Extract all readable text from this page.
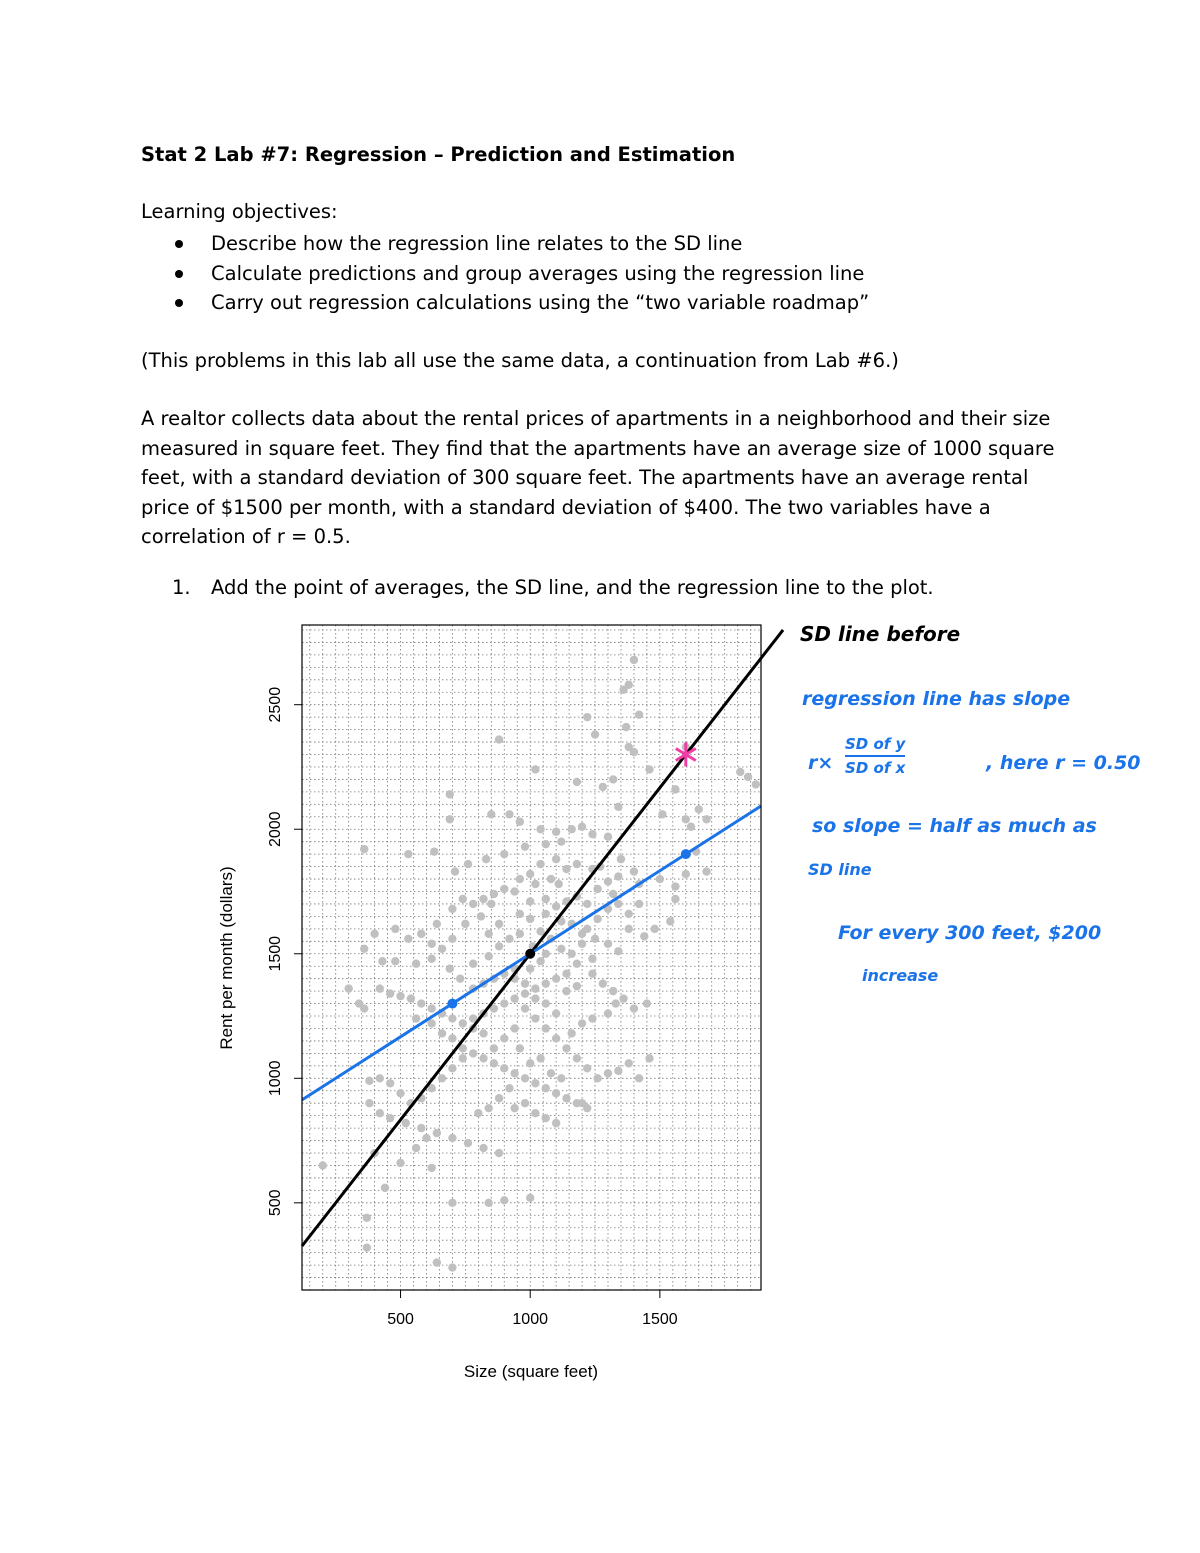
Stat 2 Lab #7: Regression – Prediction and Estimation
Learning objectives:
Describe how the regression line relates to the SD line
Calculate predictions and group averages using the regression line
Carry out regression calculations using the “two variable roadmap”
(This problems in this lab all use the same data, a continuation from Lab #6.)
A realtor collects data about the rental prices of apartments in a neighborhood and their size measured in square feet. They find that the apartments have an average size of 1000 square feet, with a standard deviation of 300 square feet. The apartments have an average rental price of $1500 per month, with a standard deviation of $400. The two variables have a correlation of r = 0.5.
1. Add the point of averages, the SD line, and the regression line to the plot.
500	1000	1500
500
1000
1500
2000
2500
Size (square feet)
Rent per month (dollars)
SD line before
regression line has slope
$r\times \frac{\text{SD of y}}{\text{SD of x}}$	, here r = 0.50
so slope = half as much as
SD line
For every 300 feet, $200
increase
